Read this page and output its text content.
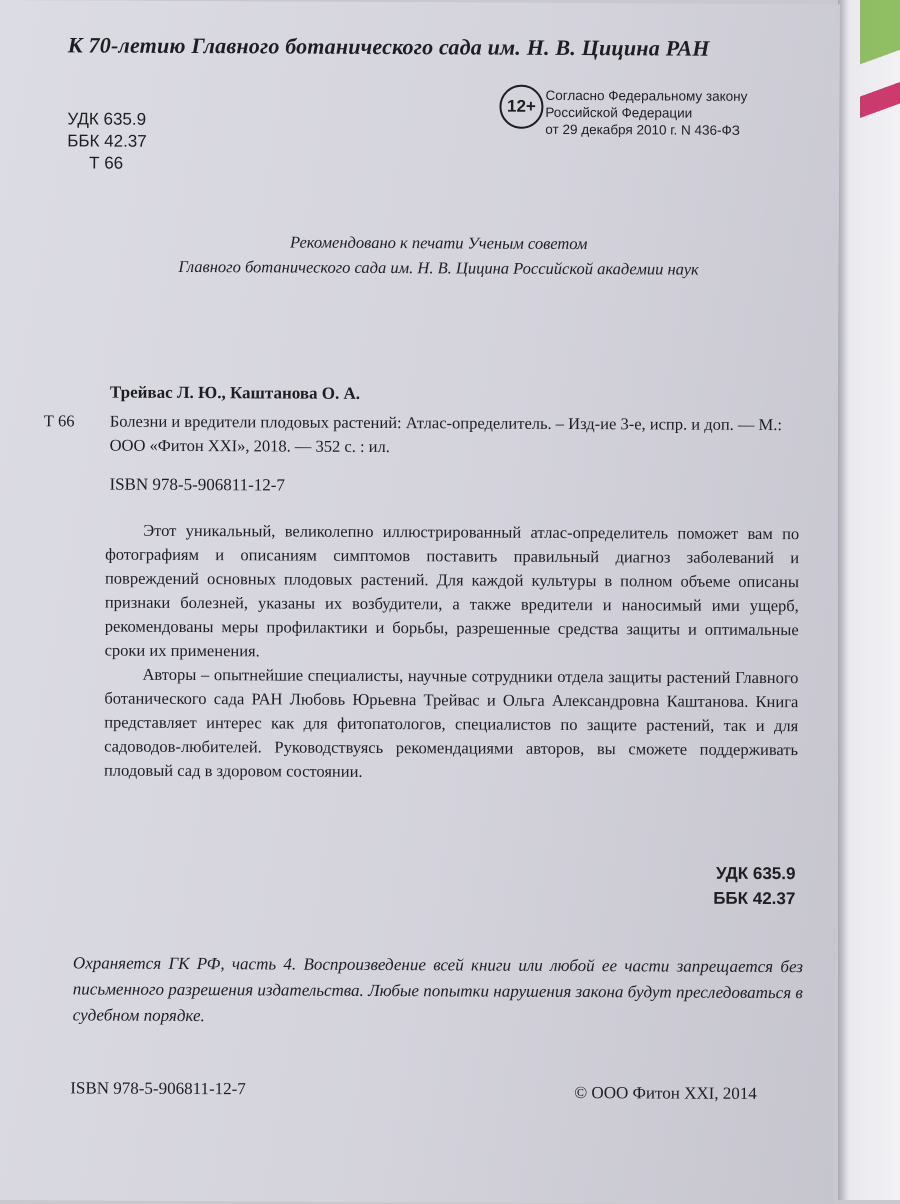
К 70-летию Главного ботанического сада им. Н. В. Цицина РАН
УДК 635.9
ББК 42.37
Т 66
12+
Согласно Федеральному закону
Российской Федерации
от 29 декабря 2010 г. N 436-ФЗ
Рекомендовано к печати Ученым советом
Главного ботанического сада им. Н. В. Цицина Российской академии наук
Трейвас Л. Ю., Каштанова О. А.
Т 66 Болезни и вредители плодовых растений: Атлас-определитель. – Изд-ие 3-е, испр. и доп. — М.: ООО «Фитон XXI», 2018. — 352 с. : ил.
ISBN 978-5-906811-12-7

Этот уникальный, великолепно иллюстрированный атлас-определитель поможет вам по фотографиям и описаниям симптомов поставить правильный диагноз заболеваний и повреждений основных плодовых растений. Для каждой культуры в полном объеме описаны признаки болезней, указаны их возбудители, а также вредители и наносимый ими ущерб, рекомендованы меры профилактики и борьбы, разрешенные средства защиты и оптимальные сроки их применения.

Авторы – опытнейшие специалисты, научные сотрудники отдела защиты растений Главного ботанического сада РАН Любовь Юрьевна Трейвас и Ольга Александровна Каштанова. Книга представляет интерес как для фитопатологов, специалистов по защите растений, так и для садоводов-любителей. Руководствуясь рекомендациями авторов, вы сможете поддерживать плодовый сад в здоровом состоянии.

УДК 635.9
ББК 42.37
Охраняется ГК РФ, часть 4. Воспроизведение всей книги или любой ее части запрещается без письменного разрешения издательства. Любые попытки нарушения закона будут преследоваться в судебном порядке.
ISBN 978-5-906811-12-7	© ООО Фитон XXI, 2014
